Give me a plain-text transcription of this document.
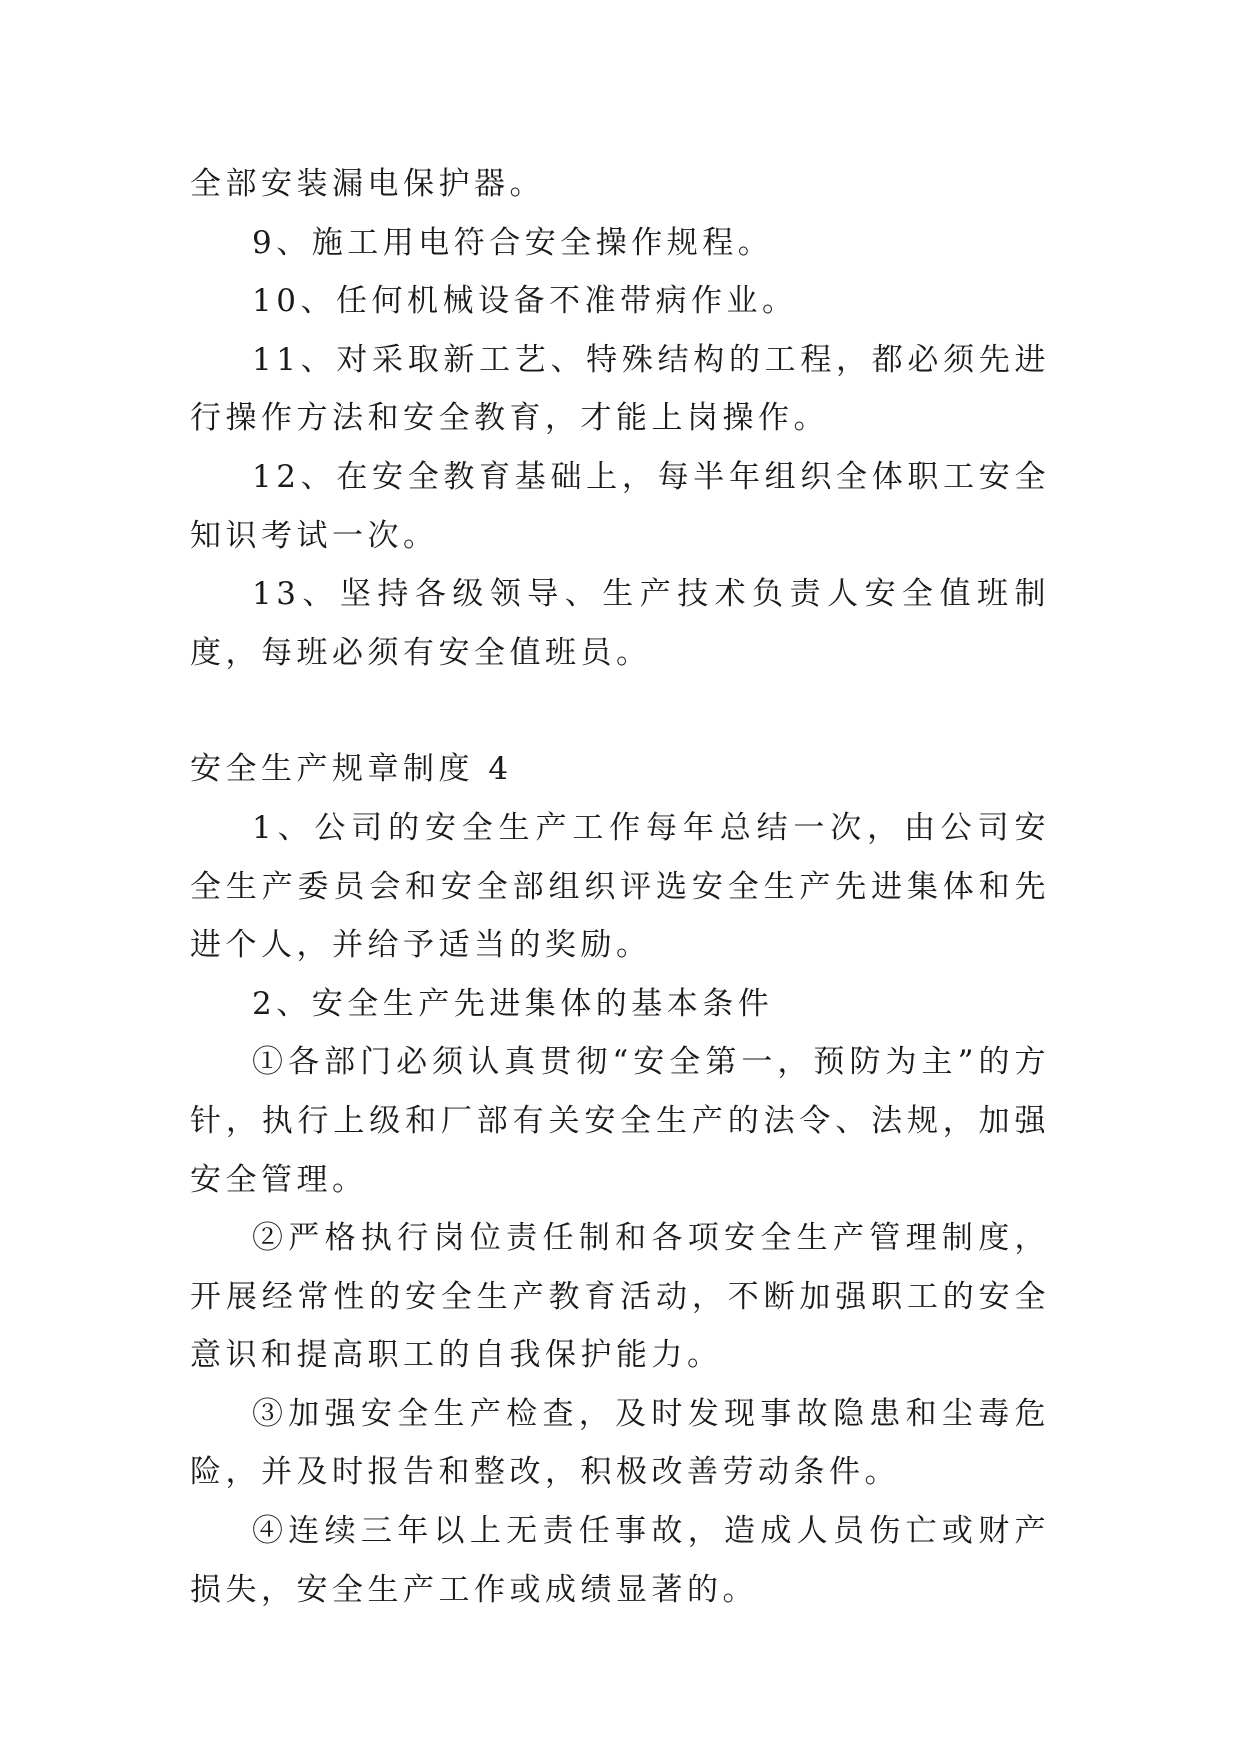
全部安装漏电保护器。

9、施工用电符合安全操作规程。

10、任何机械设备不准带病作业。

11、对采取新工艺、特殊结构的工程，都必须先进行操作方法和安全教育，才能上岗操作。

12、在安全教育基础上，每半年组织全体职工安全知识考试一次。

13、坚持各级领导、生产技术负责人安全值班制度，每班必须有安全值班员。

安全生产规章制度 4

1、公司的安全生产工作每年总结一次，由公司安全生产委员会和安全部组织评选安全生产先进集体和先进个人，并给予适当的奖励。

2、安全生产先进集体的基本条件

①各部门必须认真贯彻“安全第一，预防为主”的方针，执行上级和厂部有关安全生产的法令、法规，加强安全管理。

②严格执行岗位责任制和各项安全生产管理制度，开展经常性的安全生产教育活动，不断加强职工的安全意识和提高职工的自我保护能力。

③加强安全生产检查，及时发现事故隐患和尘毒危险，并及时报告和整改，积极改善劳动条件。

④连续三年以上无责任事故，造成人员伤亡或财产损失，安全生产工作或成绩显著的。
